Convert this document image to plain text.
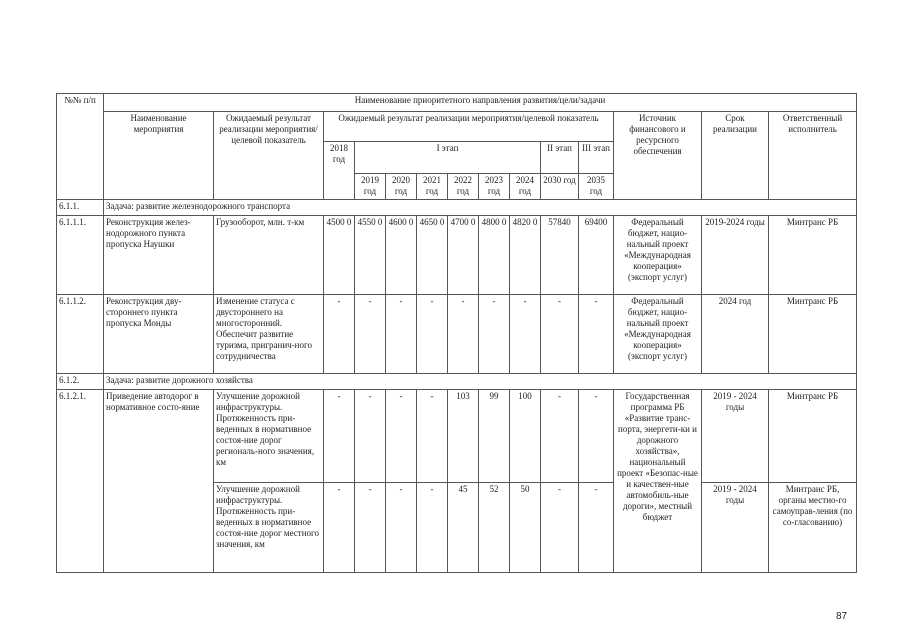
№№ п/п	Наименование приоритетного направления развития/цели/задачи													
	Наименование мероприятия	Ожидаемый результат реализации мероприятия/целевой показатель	Ожидаемый результат реализации мероприятия/целевой показатель									Источник финансового и ресурсного обеспечения	Срок реализации	Ответственный исполнитель
			2018 год	I этап						II этап	III этап			
				2019 год	2020 год	2021 год	2022 год	2023 год	2024 год	2030 год	2035 год			
6.1.1.	Задача: развитие железнодорожного транспорта													
6.1.1.1.	Реконструкция желез-нодорожного пункта пропуска Наушки	Грузооборот, млн. т-км	4500 0	4550 0	4600 0	4650 0	4700 0	4800 0	4820 0	57840	69400	Федеральный бюджет, нацио-нальный проект «Международная кооперация» (экспорт услуг)	2019-2024 годы	Минтранс РБ
6.1.1.2.	Реконструкция дву-стороннего пункта пропуска Монды	Изменение статуса с двустороннего на многосторонний. Обеспечит развитие туризма, пригранич-ного сотрудничества	-	-	-	-	-	-	-	-	-	Федеральный бюджет, нацио-нальный проект «Международная кооперация» (экспорт услуг)	2024 год	Минтранс РБ
6.1.2.	Задача: развитие дорожного хозяйства													
6.1.2.1.	Приведение автодорог в нормативное состо-яние	Улучшение дорожной инфраструктуры. Протяженность при-веденных в нормативное состоя-ние дорог региональ-ного значения, км	-	-	-	-	103	99	100	-	-	Государственная программа РБ «Развитие транс-порта, энергети-ки и дорожного хозяйства», национальный проект «Безопас-ные и качествен-ные автомобиль-ные дороги», местный бюджет	2019 - 2024 годы	Минтранс РБ
		Улучшение дорожной инфраструктуры. Протяженность при-веденных в нормативное состоя-ние дорог местного значения, км	-	-	-	-	45	52	50	-	-		2019 - 2024 годы	Минтранс РБ, органы местно-го самоуправ-ления (по со-гласованию)
87
